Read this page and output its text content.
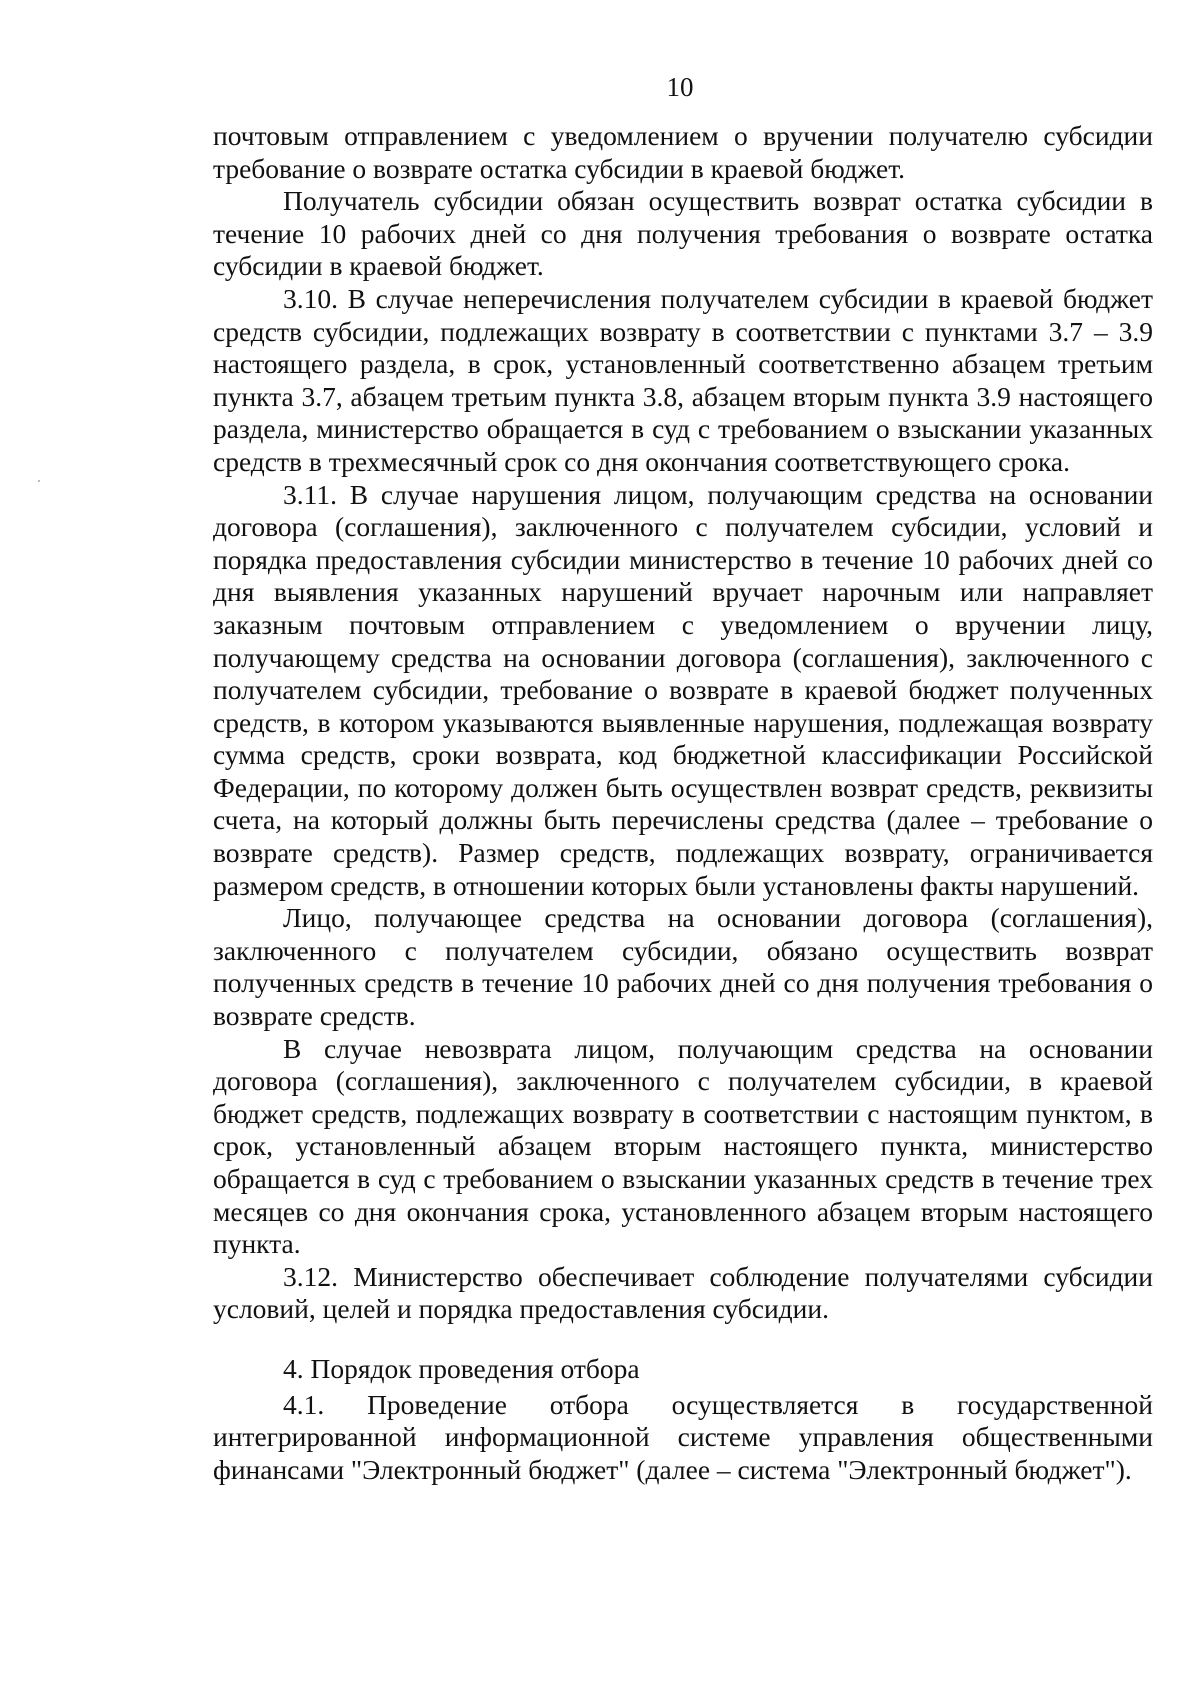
10

почтовым отправлением с уведомлением о вручении получателю субсидии требование о возврате остатка субсидии в краевой бюджет.

Получатель субсидии обязан осуществить возврат остатка субсидии в течение 10 рабочих дней со дня получения требования о возврате остатка субсидии в краевой бюджет.

3.10. В случае неперечисления получателем субсидии в краевой бюджет средств субсидии, подлежащих возврату в соответствии с пунктами 3.7 – 3.9 настоящего раздела, в срок, установленный соответственно абзацем третьим пункта 3.7, абзацем третьим пункта 3.8, абзацем вторым пункта 3.9 настоящего раздела, министерство обращается в суд с требованием о взыскании указанных средств в трехмесячный срок со дня окончания соответствующего срока.

3.11. В случае нарушения лицом, получающим средства на основании договора (соглашения), заключенного с получателем субсидии, условий и порядка предоставления субсидии министерство в течение 10 рабочих дней со дня выявления указанных нарушений вручает нарочным или направляет заказным почтовым отправлением с уведомлением о вручении лицу, получающему средства на основании договора (соглашения), заключенного с получателем субсидии, требование о возврате в краевой бюджет полученных средств, в котором указываются выявленные нарушения, подлежащая возврату сумма средств, сроки возврата, код бюджетной классификации Российской Федерации, по которому должен быть осуществлен возврат средств, реквизиты счета, на который должны быть перечислены средства (далее – требование о возврате средств). Размер средств, подлежащих возврату, ограничивается размером средств, в отношении которых были установлены факты нарушений.

Лицо, получающее средства на основании договора (соглашения), заключенного с получателем субсидии, обязано осуществить возврат полученных средств в течение 10 рабочих дней со дня получения требования о возврате средств.

В случае невозврата лицом, получающим средства на основании договора (соглашения), заключенного с получателем субсидии, в краевой бюджет средств, подлежащих возврату в соответствии с настоящим пунктом, в срок, установленный абзацем вторым настоящего пункта, министерство обращается в суд с требованием о взыскании указанных средств в течение трех месяцев со дня окончания срока, установленного абзацем вторым настоящего пункта.

3.12. Министерство обеспечивает соблюдение получателями субсидии условий, целей и порядка предоставления субсидии.

4. Порядок проведения отбора

4.1. Проведение отбора осуществляется в государственной интегрированной информационной системе управления общественными финансами "Электронный бюджет" (далее – система "Электронный бюджет").
